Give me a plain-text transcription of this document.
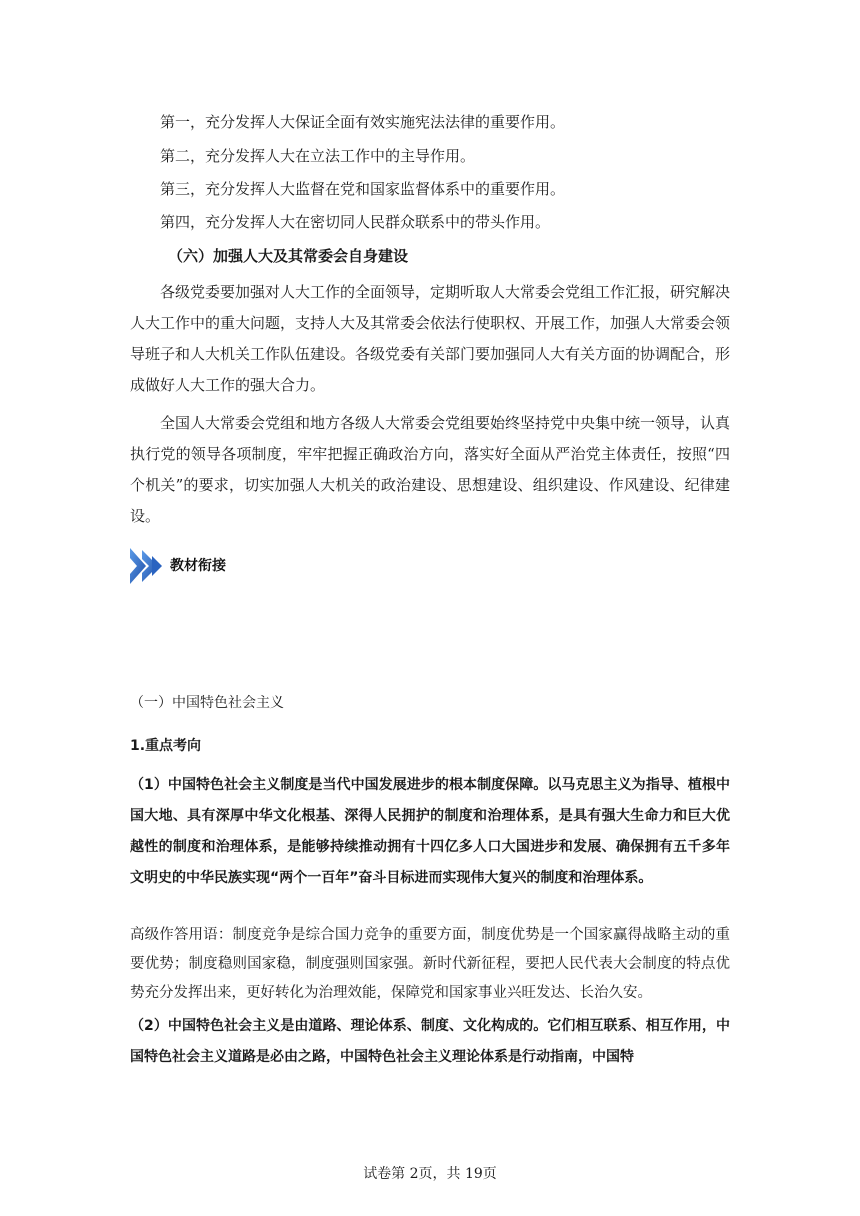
第一，充分发挥人大保证全面有效实施宪法法律的重要作用。
第二，充分发挥人大在立法工作中的主导作用。
第三，充分发挥人大监督在党和国家监督体系中的重要作用。
第四，充分发挥人大在密切同人民群众联系中的带头作用。
（六）加强人大及其常委会自身建设

各级党委要加强对人大工作的全面领导，定期听取人大常委会党组工作汇报，研究解决人大工作中的重大问题，支持人大及其常委会依法行使职权、开展工作，加强人大常委会领导班子和人大机关工作队伍建设。各级党委有关部门要加强同人大有关方面的协调配合，形成做好人大工作的强大合力。

全国人大常委会党组和地方各级人大常委会党组要始终坚持党中央集中统一领导，认真执行党的领导各项制度，牢牢把握正确政治方向，落实好全面从严治党主体责任，按照“四个机关”的要求，切实加强人大机关的政治建设、思想建设、组织建设、作风建设、纪律建设。

教材衔接
（一）中国特色社会主义
1.重点考向

（1）中国特色社会主义制度是当代中国发展进步的根本制度保障。以马克思主义为指导、植根中国大地、具有深厚中华文化根基、深得人民拥护的制度和治理体系，是具有强大生命力和巨大优越性的制度和治理体系，是能够持续推动拥有十四亿多人口大国进步和发展、确保拥有五千多年文明史的中华民族实现“两个一百年”奋斗目标进而实现伟大复兴的制度和治理体系。

高级作答用语：制度竞争是综合国力竞争的重要方面，制度优势是一个国家赢得战略主动的重要优势；制度稳则国家稳，制度强则国家强。新时代新征程，要把人民代表大会制度的特点优势充分发挥出来，更好转化为治理效能，保障党和国家事业兴旺发达、长治久安。

（2）中国特色社会主义是由道路、理论体系、制度、文化构成的。它们相互联系、相互作用，中国特色社会主义道路是必由之路，中国特色社会主义理论体系是行动指南，中国特

试卷第 2页，共 19页
